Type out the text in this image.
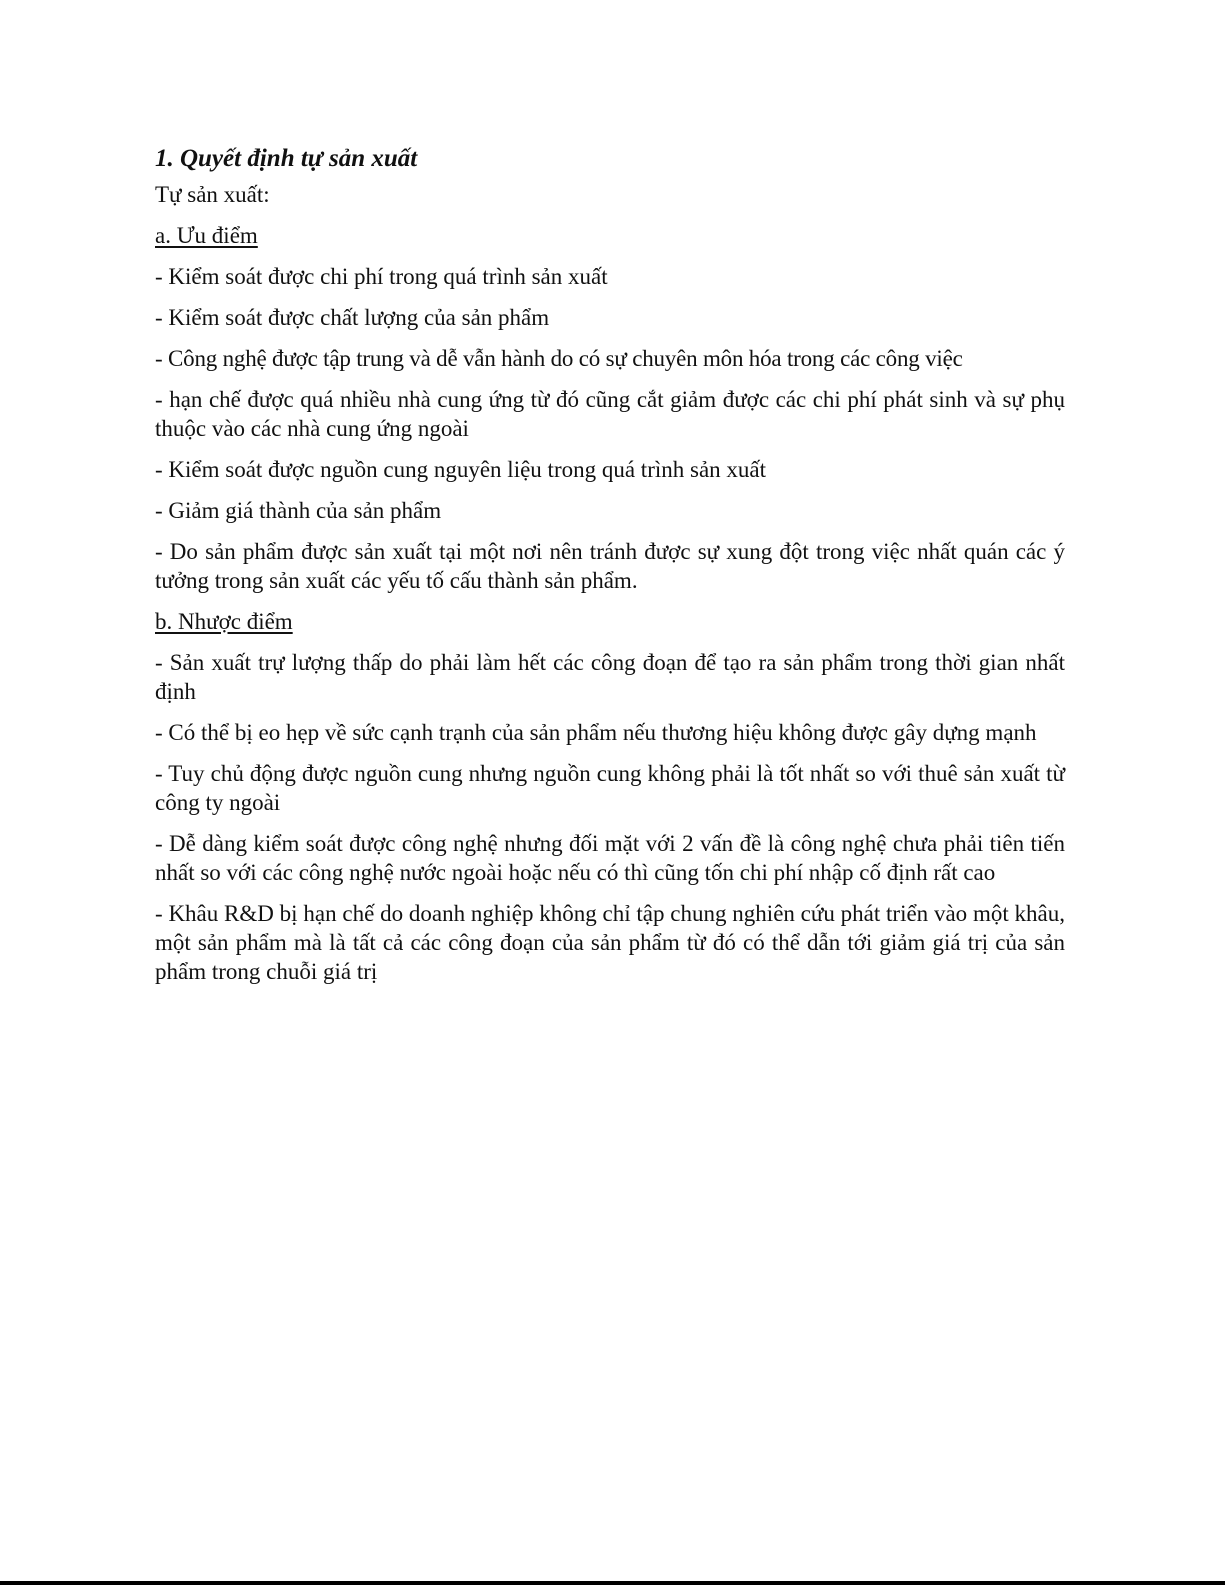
1. Quyết định tự sản xuất
Tự sản xuất:
a. Ưu điểm
- Kiểm soát được chi phí trong quá trình sản xuất
- Kiểm soát được chất lượng của sản phẩm
- Công nghệ được tập trung và dễ vẫn hành do có sự chuyên môn hóa trong các công việc
- hạn chế được quá nhiều nhà cung ứng từ đó cũng cắt giảm được các chi phí phát sinh và sự phụ thuộc vào các nhà cung ứng ngoài
- Kiểm soát được nguồn cung nguyên liệu trong quá trình sản xuất
- Giảm giá thành của sản phẩm
- Do sản phẩm được sản xuất tại một nơi nên tránh được sự xung đột trong việc nhất quán các ý tưởng trong sản xuất các yếu tố cấu thành sản phẩm.
b. Nhược điểm
- Sản xuất trự lượng thấp do phải làm hết các công đoạn để tạo ra sản phẩm trong thời gian nhất định
- Có thể bị eo hẹp về sức cạnh trạnh của sản phẩm nếu thương hiệu không được gây dựng mạnh
- Tuy chủ động được nguồn cung nhưng nguồn cung không phải là tốt nhất so với thuê sản xuất từ công ty ngoài
- Dễ dàng kiểm soát được công nghệ nhưng đối mặt với 2 vấn đề là công nghệ chưa phải tiên tiến nhất so với các công nghệ nước ngoài hoặc nếu có thì cũng tốn chi phí nhập cố định rất cao
- Khâu R&D bị hạn chế do doanh nghiệp không chỉ tập chung nghiên cứu phát triển vào một khâu, một sản phẩm mà là tất cả các công đoạn của sản phẩm từ đó có thể dẫn tới giảm giá trị của sản phẩm trong chuỗi giá trị
